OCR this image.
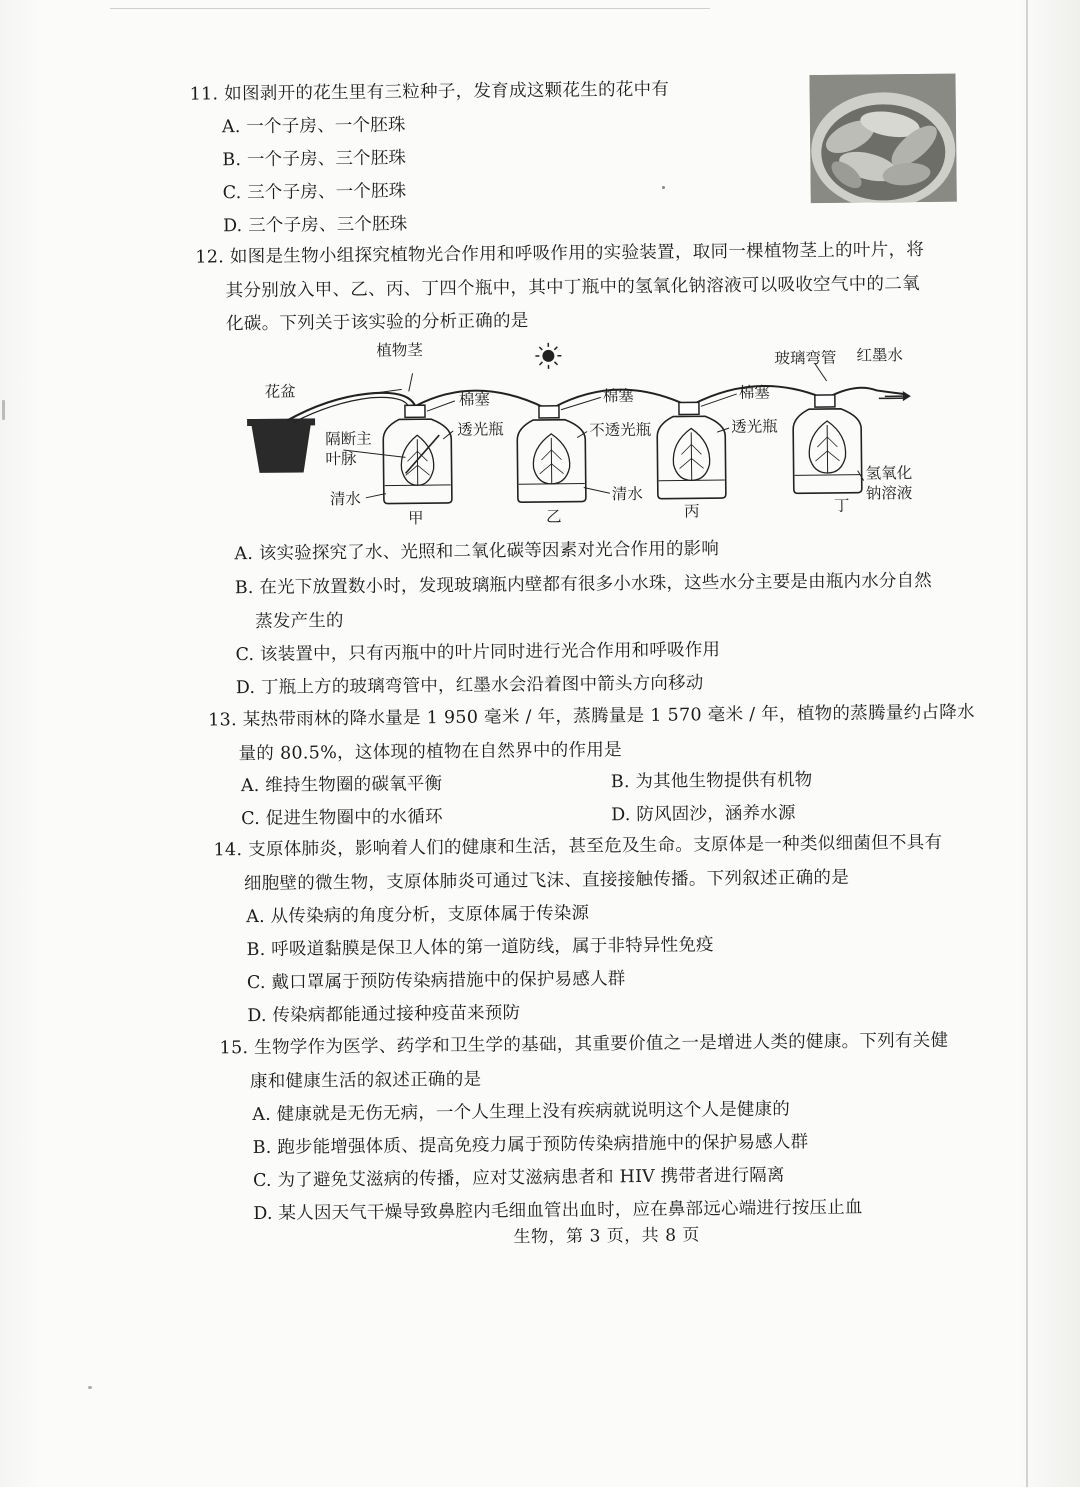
11. 如图剥开的花生里有三粒种子，发育成这颗花生的花中有
A. 一个子房、一个胚珠
B. 一个子房、三个胚珠
C. 三个子房、一个胚珠
D. 三个子房、三个胚珠
12. 如图是生物小组探究植物光合作用和呼吸作用的实验装置，取同一棵植物茎上的叶片，将
其分别放入甲、乙、丙、丁四个瓶中，其中丁瓶中的氢氧化钠溶液可以吸收空气中的二氧
化碳。下列关于该实验的分析正确的是
植物茎
花盆	棉塞
透光瓶
隔断主
叶脉
清水
甲
棉塞
不透光瓶
清水
乙
棉塞
透光瓶
丙
玻璃弯管 红墨水
氢氧化
钠溶液
丁
A. 该实验探究了水、光照和二氧化碳等因素对光合作用的影响
B. 在光下放置数小时，发现玻璃瓶内壁都有很多小水珠，这些水分主要是由瓶内水分自然
蒸发产生的
C. 该装置中，只有丙瓶中的叶片同时进行光合作用和呼吸作用
D. 丁瓶上方的玻璃弯管中，红墨水会沿着图中箭头方向移动
13. 某热带雨林的降水量是 1 950 毫米 / 年，蒸腾量是 1 570 毫米 / 年，植物的蒸腾量约占降水
量的 80.5%，这体现的植物在自然界中的作用是
A. 维持生物圈的碳氧平衡	B. 为其他生物提供有机物
C. 促进生物圈中的水循环	D. 防风固沙，涵养水源
14. 支原体肺炎，影响着人们的健康和生活，甚至危及生命。支原体是一种类似细菌但不具有
细胞壁的微生物，支原体肺炎可通过飞沫、直接接触传播。下列叙述正确的是
A. 从传染病的角度分析，支原体属于传染源
B. 呼吸道黏膜是保卫人体的第一道防线，属于非特异性免疫
C. 戴口罩属于预防传染病措施中的保护易感人群
D. 传染病都能通过接种疫苗来预防
15. 生物学作为医学、药学和卫生学的基础，其重要价值之一是增进人类的健康。下列有关健
康和健康生活的叙述正确的是
A. 健康就是无伤无病，一个人生理上没有疾病就说明这个人是健康的
B. 跑步能增强体质、提高免疫力属于预防传染病措施中的保护易感人群
C. 为了避免艾滋病的传播，应对艾滋病患者和 HIV 携带者进行隔离
D. 某人因天气干燥导致鼻腔内毛细血管出血时，应在鼻部远心端进行按压止血
生物，第 3 页，共 8 页
